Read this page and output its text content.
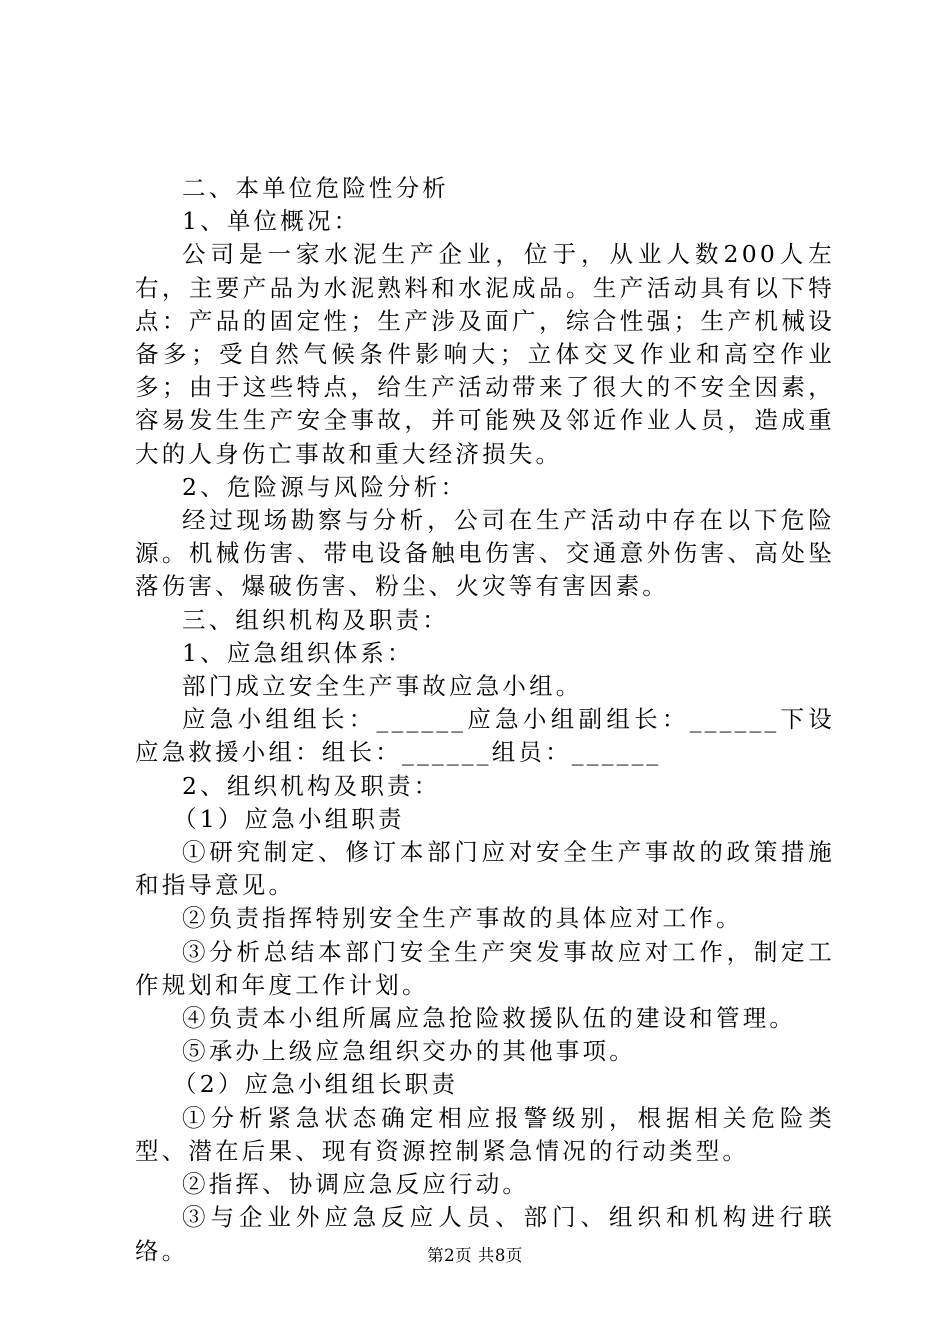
二、本单位危险性分析

1、单位概况：

公司是一家水泥生产企业，位于，从业人数200人左右，主要产品为水泥熟料和水泥成品。生产活动具有以下特点：产品的固定性；生产涉及面广，综合性强；生产机械设备多；受自然气候条件影响大；立体交叉作业和高空作业多；由于这些特点，给生产活动带来了很大的不安全因素，容易发生生产安全事故，并可能殃及邻近作业人员，造成重大的人身伤亡事故和重大经济损失。

2、危险源与风险分析：

经过现场勘察与分析，公司在生产活动中存在以下危险源。机械伤害、带电设备触电伤害、交通意外伤害、高处坠落伤害、爆破伤害、粉尘、火灾等有害因素。

三、组织机构及职责：

1、应急组织体系：

部门成立安全生产事故应急小组。

应急小组组长：______应急小组副组长：______下设应急救援小组：组长：______组员：______

2、组织机构及职责：

（1）应急小组职责

①研究制定、修订本部门应对安全生产事故的政策措施和指导意见。

②负责指挥特别安全生产事故的具体应对工作。

③分析总结本部门安全生产突发事故应对工作，制定工作规划和年度工作计划。

④负责本小组所属应急抢险救援队伍的建设和管理。

⑤承办上级应急组织交办的其他事项。

（2）应急小组组长职责

①分析紧急状态确定相应报警级别，根据相关危险类型、潜在后果、现有资源控制紧急情况的行动类型。

②指挥、协调应急反应行动。

③与企业外应急反应人员、部门、组织和机构进行联络。	第2页 共8页
